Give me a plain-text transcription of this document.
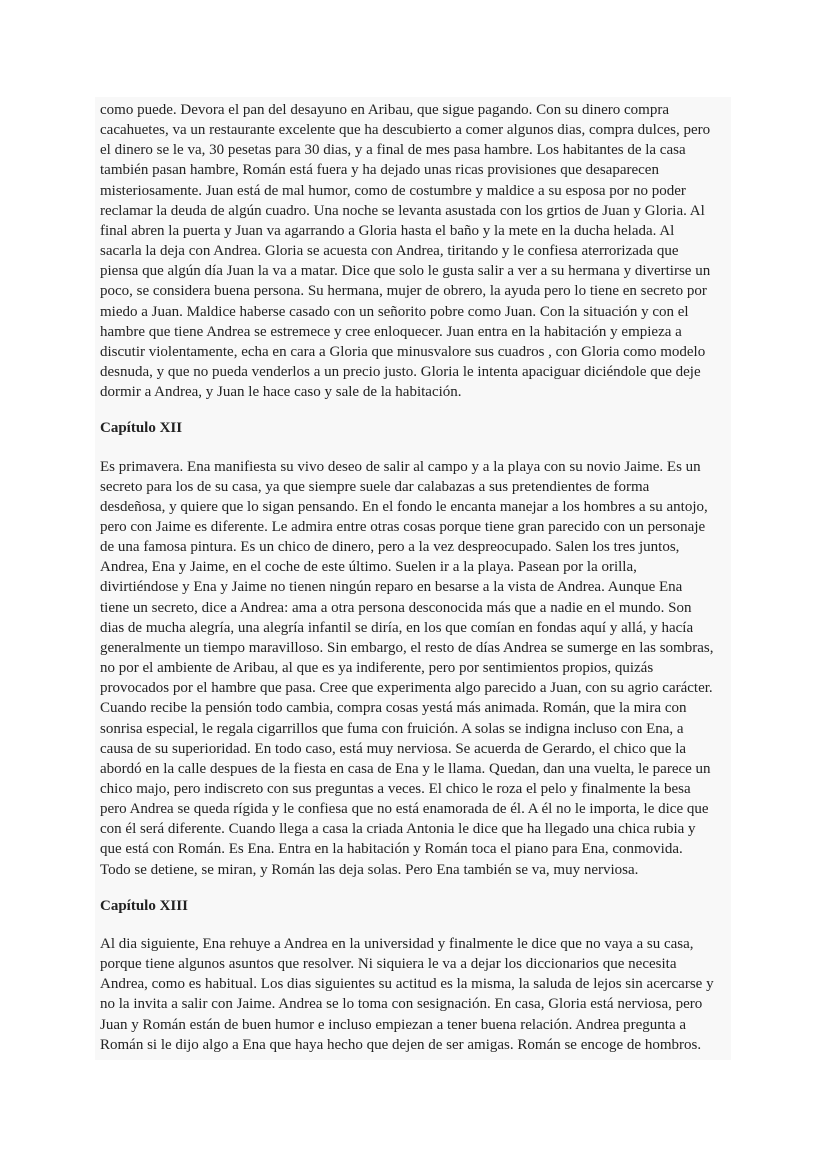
como puede. Devora el pan del desayuno en Aribau, que sigue pagando. Con su dinero compra
cacahuetes, va un restaurante excelente que ha descubierto a comer algunos dias, compra dulces, pero
el dinero se le va, 30 pesetas para 30 dias, y a final de mes pasa hambre. Los habitantes de la casa
también pasan hambre, Román está fuera y ha dejado unas ricas provisiones que desaparecen
misteriosamente. Juan está de mal humor, como de costumbre y maldice a su esposa por no poder
reclamar la deuda de algún cuadro. Una noche se levanta asustada con los grtios de Juan y Gloria. Al
final abren la puerta y Juan va agarrando a Gloria hasta el baño y la mete en la ducha helada. Al
sacarla la deja con Andrea. Gloria se acuesta con Andrea, tiritando y le confiesa aterrorizada que
piensa que algún día Juan la va a matar. Dice que solo le gusta salir a ver a su hermana y divertirse un
poco, se considera buena persona. Su hermana, mujer de obrero, la ayuda pero lo tiene en secreto por
miedo a Juan. Maldice haberse casado con un señorito pobre como Juan. Con la situación y con el
hambre que tiene Andrea se estremece y cree enloquecer. Juan entra en la habitación y empieza a
discutir violentamente, echa en cara a Gloria que minusvalore sus cuadros , con Gloria como modelo
desnuda, y que no pueda venderlos a un precio justo. Gloria le intenta apaciguar diciéndole que deje
dormir a Andrea, y Juan le hace caso y sale de la habitación.
Capítulo XII
Es primavera. Ena manifiesta su vivo deseo de salir al campo y a la playa con su novio Jaime. Es un
secreto para los de su casa, ya que siempre suele dar calabazas a sus pretendientes de forma
desdeñosa, y quiere que lo sigan pensando. En el fondo le encanta manejar a los hombres a su antojo,
pero con Jaime es diferente. Le admira entre otras cosas porque tiene gran parecido con un personaje
de una famosa pintura. Es un chico de dinero, pero a la vez despreocupado. Salen los tres juntos,
Andrea, Ena y Jaime, en el coche de este último. Suelen ir a la playa. Pasean por la orilla,
divirtiéndose y Ena y Jaime no tienen ningún reparo en besarse a la vista de Andrea. Aunque Ena
tiene un secreto, dice a Andrea: ama a otra persona desconocida más que a nadie en el mundo. Son
dias de mucha alegría, una alegría infantil se diría, en los que comían en fondas aquí y allá, y hacía
generalmente un tiempo maravilloso. Sin embargo, el resto de días Andrea se sumerge en las sombras,
no por el ambiente de Aribau, al que es ya indiferente, pero por sentimientos propios, quizás
provocados por el hambre que pasa. Cree que experimenta algo parecido a Juan, con su agrio carácter.
Cuando recibe la pensión todo cambia, compra cosas yestá más animada. Román, que la mira con
sonrisa especial, le regala cigarrillos que fuma con fruición. A solas se indigna incluso con Ena, a
causa de su superioridad. En todo caso, está muy nerviosa. Se acuerda de Gerardo, el chico que la
abordó en la calle despues de la fiesta en casa de Ena y le llama. Quedan, dan una vuelta, le parece un
chico majo, pero indiscreto con sus preguntas a veces. El chico le roza el pelo y finalmente la besa
pero Andrea se queda rígida y le confiesa que no está enamorada de él. A él no le importa, le dice que
con él será diferente. Cuando llega a casa la criada Antonia le dice que ha llegado una chica rubia y
que está con Román. Es Ena. Entra en la habitación y Román toca el piano para Ena, conmovida.
Todo se detiene, se miran, y Román las deja solas. Pero Ena también se va, muy nerviosa.
Capítulo XIII
Al dia siguiente, Ena rehuye a Andrea en la universidad y finalmente le dice que no vaya a su casa,
porque tiene algunos asuntos que resolver. Ni siquiera le va a dejar los diccionarios que necesita
Andrea, como es habitual. Los dias siguientes su actitud es la misma, la saluda de lejos sin acercarse y
no la invita a salir con Jaime. Andrea se lo toma con sesignación. En casa, Gloria está nerviosa, pero
Juan y Román están de buen humor e incluso empiezan a tener buena relación. Andrea pregunta a
Román si le dijo algo a Ena que haya hecho que dejen de ser amigas. Román se encoge de hombros.
